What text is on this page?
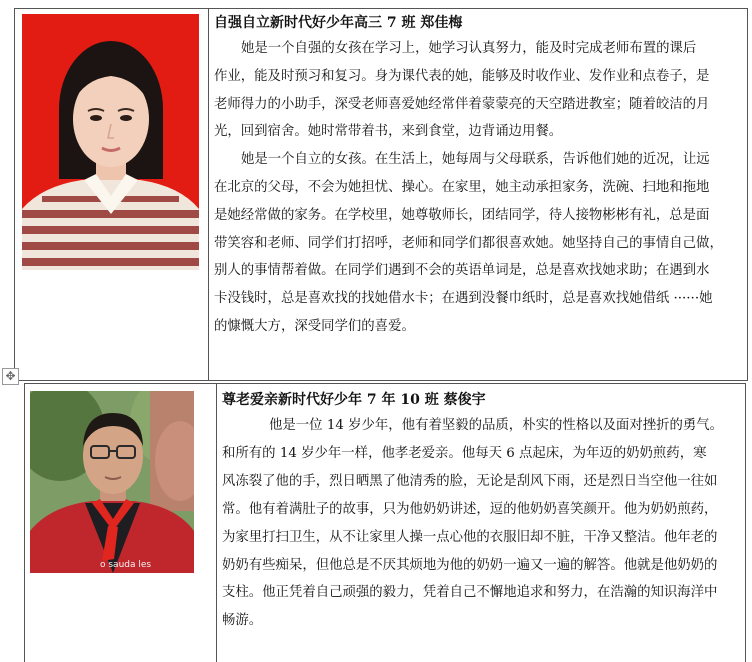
自强自立新时代好少年高三 7 班 郑佳梅
她是一个自强的女孩在学习上，她学习认真努力，能及时完成老师布置的课后
作业，能及时预习和复习。身为课代表的她，能够及时收作业、发作业和点卷子，是
老师得力的小助手，深受老师喜爱她经常伴着蒙蒙亮的天空踏进教室；随着皎洁的月
光，回到宿舍。她时常带着书，来到食堂，边背诵边用餐。
她是一个自立的女孩。在生活上，她每周与父母联系，告诉他们她的近况，让远
在北京的父母，不会为她担忧、操心。在家里，她主动承担家务，洗碗、扫地和拖地
是她经常做的家务。在学校里，她尊敬师长，团结同学，待人接物彬彬有礼，总是面
带笑容和老师、同学们打招呼，老师和同学们都很喜欢她。她坚持自己的事情自己做，
别人的事情帮着做。在同学们遇到不会的英语单词是，总是喜欢找她求助；在遇到水
卡没钱时，总是喜欢找的找她借水卡；在遇到没餐巾纸时，总是喜欢找她借纸 ······她
的慷慨大方，深受同学们的喜爱。
✥
o sauda les
尊老爱亲新时代好少年 7 年 10 班 蔡俊宇
他是一位 14 岁少年，他有着坚毅的品质，朴实的性格以及面对挫折的勇气。
和所有的 14 岁少年一样，他孝老爱亲。他每天 6 点起床，为年迈的奶奶煎药，寒
风冻裂了他的手，烈日晒黑了他清秀的脸，无论是刮风下雨，还是烈日当空他一往如
常。他有着满肚子的故事，只为他奶奶讲述，逗的他奶奶喜笑颜开。他为奶奶煎药，
为家里打扫卫生，从不让家里人操一点心他的衣服旧却不脏，干净又整洁。他年老的
奶奶有些痴呆，但他总是不厌其烦地为他的奶奶一遍又一遍的解答。他就是他奶奶的
支柱。他正凭着自己顽强的毅力，凭着自己不懈地追求和努力，在浩瀚的知识海洋中
畅游。
